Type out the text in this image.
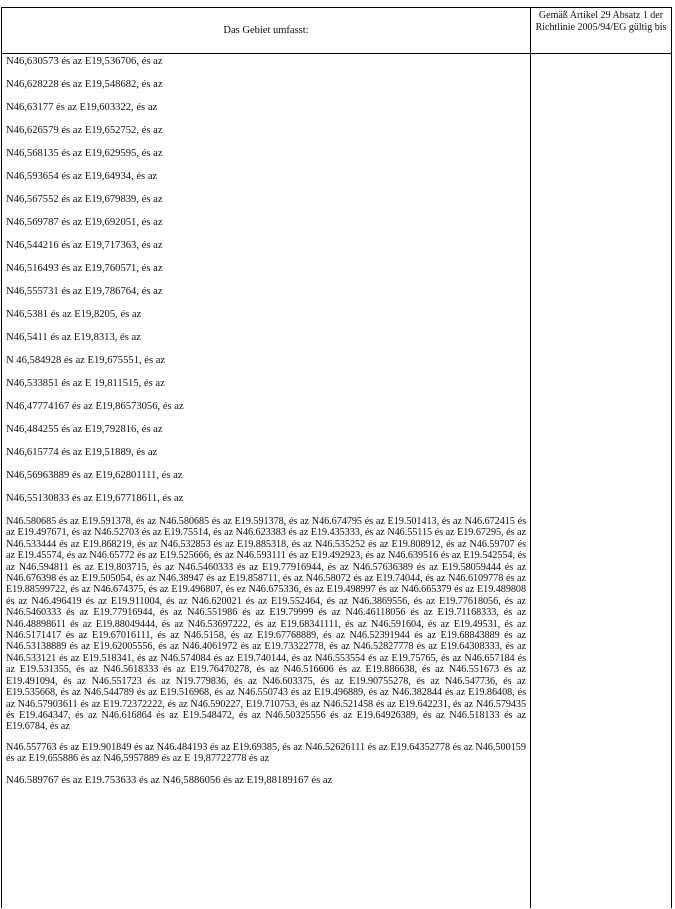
Das Gebiet umfasst:
Gemäß Artikel 29 Absatz 1 der Richtlinie 2005/94/EG gültig bis
N46,630573 és az E19,536706, és az
N46,628228 és az E19,548682, és az
N46,63177 és az E19,603322, és az
N46,626579 és az E19,652752, és az
N46,568135 és az E19,629595, és az
N46,593654 és az E19,64934, és az
N46,567552 és az E19,679839, és az
N46,569787 és az E19,692051, és az
N46,544216 és az E19,717363, és az
N46,516493 és az E19,760571, és az
N46,555731 és az E19,786764, és az
N46,5381 és az E19,8205, és az
N46,5411 és az E19,8313, és az
N 46,584928 és az E19,675551, és az
N46,533851 és az E 19,811515, és az
N46,47774167 és az E19,86573056, és az
N46,484255 és az E19,792816, és az
N46,615774 és az E19,51889, és az
N46,56963889 és az E19,62801111, és az
N46,55130833 és az E19,67718611, és az
N46.580685 és az E19.591378, és az N46.580685 és az E19.591378, és az N46.674795 és az E19.501413, és az N46.672415 és az E19.497671, és az N46.52703 és az E19.75514, és az N46.623383 és az E19.435333, és az N46.55115 és az E19.67295, és az N46.533444 és az E19.868219, és az N46.532853 és az E19.885318, és az N46.535252 és az E19.808912, és az N46.59707 és az E19.45574, és az N46.65772 és az E19.525666, és az N46.593111 és az E19.492923, és az N46.639516 és az E19.542554, és az N46.594811 és az E19.803715, és az N46.5460333 és az E19.77916944, és az N46.57636389 és az E19.58059444 és az N46.676398 és az E19.505054, és az N46.38947 és az E19.858711, és az N46.58072 és az E19.74044, és az N46.6109778 és az E19.88599722, és az N46.674375, és az E19.496807, és ez N46.675336, és az E19.498997 és az N46.665379 és az E19.489808 és az N46.496419 és az E19.911004, és az N46.620021 és az E19.552464, és az N46.3869556, és az E19.77618056, és az N46.5460333 és az E19.77916944, és az N46.551986 és az E19.79999 és az N46.46118056 és az E19.71168333, és az N46.48898611 és az E19.88049444, és az N46.53697222, és az E19.68341111, és az N46.591604, és az E19.49531, és az N46.5171417 és az E19.67016111, és az N46.5158, és az E19.67768889, és az N46.52391944 és az E19.68843889 és az N46.53138889 és az E19.62005556, és az N46.4061972 és az E19.73322778, és az N46.52827778 és az E19.64308333, és az N46.533121 és az E19.518341, és az N46.574084 és az E19.740144, és az N46.553554 és az E19.75765, és az N46.657184 és az E19.531355, és az N46.5618333 és az E19.76470278, és az N46.516606 és az E19.886638, és az N46.551673 és az E19.491094, és az N46.551723 és az N19.779836, és az N46.603375, és az E19.90755278, és az N46.547736, és az E19.535668, és az N46.544789 és az E19.516968, és az N46.550743 és az E19.496889, és az N46.382844 és az E19.86408, és az N46.57903611 és az E19.72372222, és az N46.590227, E19.710753, és az N46.521458 és az E19.642231, és az N46.579435 és E19.464347, és az N46.616864 és az E19.548472, és az N46.50325556 és az E19.64926389, és az N46.518133 és az E19.6784, és az
N46.557763 és az E19.901849 és az N46.484193 és az E19.69385, és az N46.52626111 és az E19.64352778 és az N46.500159 és az E19.655886 és az N46,5957889 és az E 19,87722778 és az
N46.589767 és az E19.753633 és az N46,5886056 és az E19,88189167 és az
